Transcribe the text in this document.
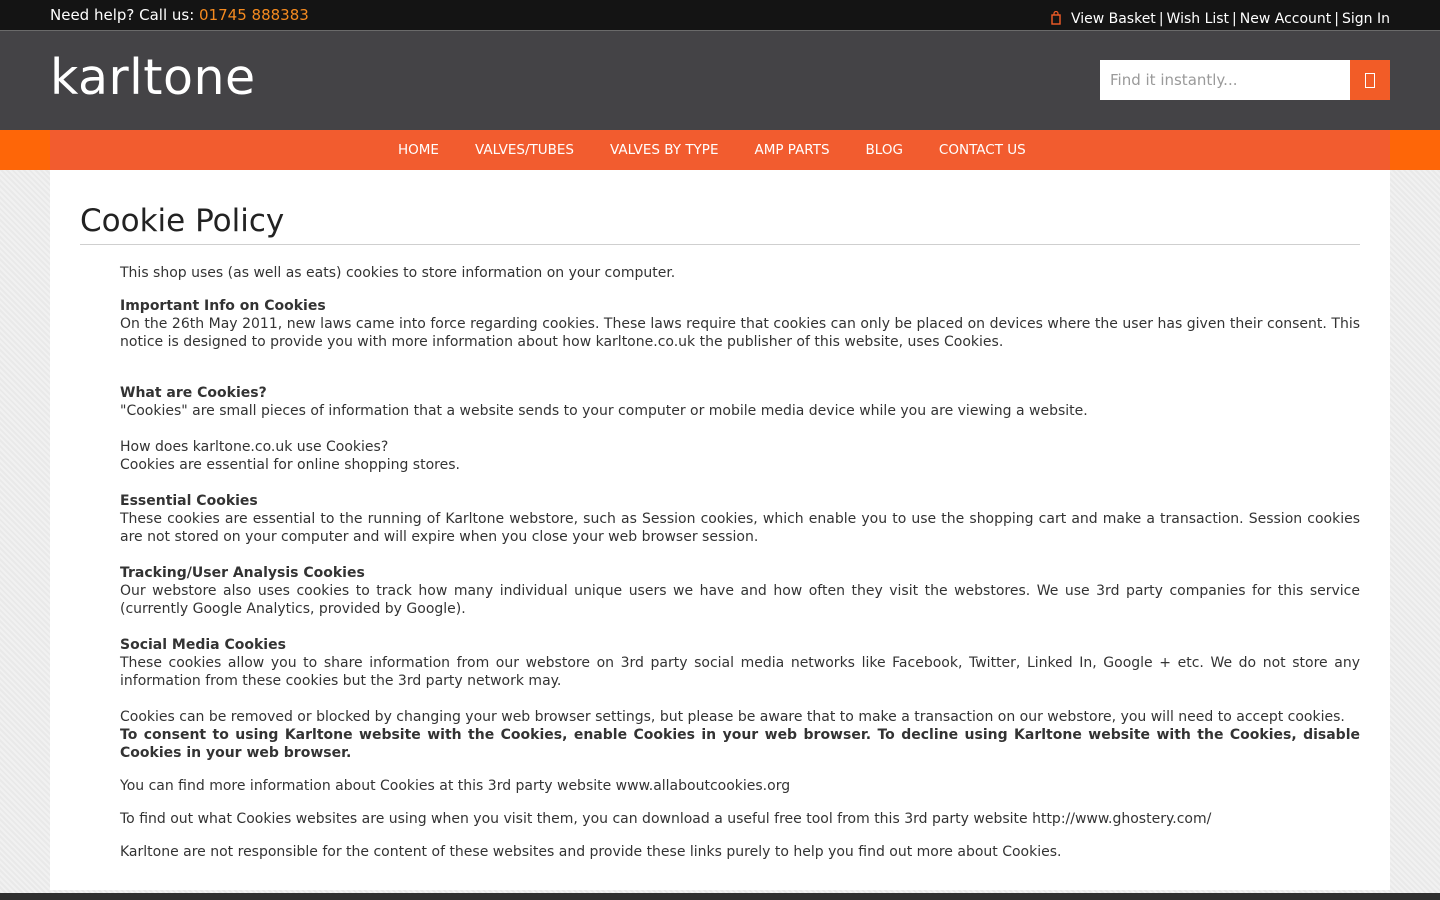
Need help? Call us: 01745 888383	View Basket | Wish List | New Account | Sign In
karltone
Find it instantly...
HOME	VALVES/TUBES	VALVES BY TYPE	AMP PARTS	BLOG	CONTACT US
Cookie Policy

This shop uses (as well as eats) cookies to store information on your computer.

Important Info on Cookies

On the 26th May 2011, new laws came into force regarding cookies. These laws require that cookies can only be placed on devices where the user has given their consent. This notice is designed to provide you with more information about how karltone.co.uk the publisher of this website, uses Cookies.

What are Cookies?

"Cookies" are small pieces of information that a website sends to your computer or mobile media device while you are viewing a website.

How does karltone.co.uk use Cookies?

Cookies are essential for online shopping stores.

Essential Cookies

These cookies are essential to the running of Karltone webstore, such as Session cookies, which enable you to use the shopping cart and make a transaction. Session cookies are not stored on your computer and will expire when you close your web browser session.

Tracking/User Analysis Cookies

Our webstore also uses cookies to track how many individual unique users we have and how often they visit the webstores. We use 3rd party companies for this service (currently Google Analytics, provided by Google).

Social Media Cookies

These cookies allow you to share information from our webstore on 3rd party social media networks like Facebook, Twitter, Linked In, Google + etc. We do not store any information from these cookies but the 3rd party network may.

Cookies can be removed or blocked by changing your web browser settings, but please be aware that to make a transaction on our webstore, you will need to accept cookies.

To consent to using Karltone website with the Cookies, enable Cookies in your web browser. To decline using Karltone website with the Cookies, disable Cookies in your web browser.

You can find more information about Cookies at this 3rd party website www.allaboutcookies.org

To find out what Cookies websites are using when you visit them, you can download a useful free tool from this 3rd party website http://www.ghostery.com/

Karltone are not responsible for the content of these websites and provide these links purely to help you find out more about Cookies.
